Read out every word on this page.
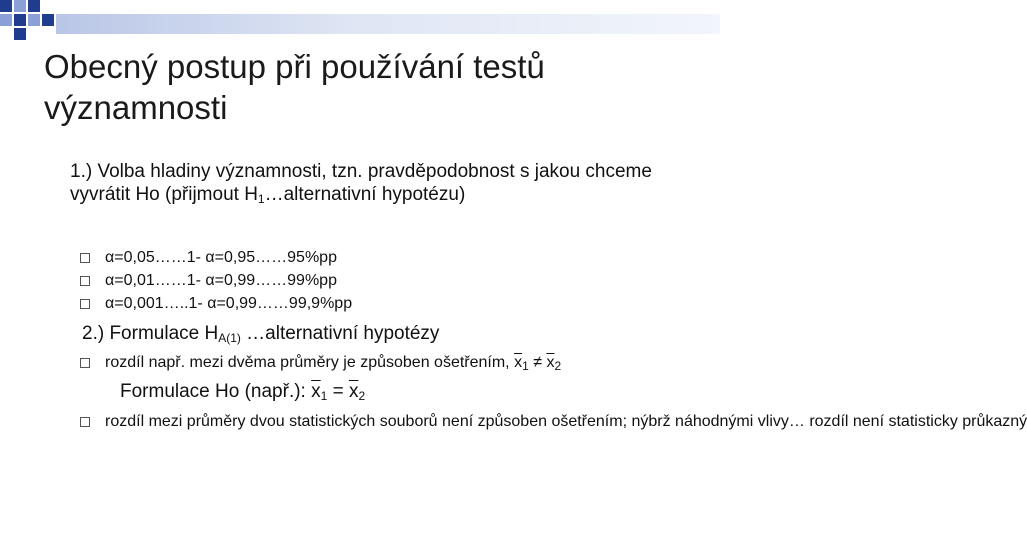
Obecný postup při používání testů významnosti
1.) Volba hladiny významnosti, tzn. pravděpodobnost s jakou chceme vyvrátit Ho (přijmout $H_1\dots alternativní$ hypotézu)
α=0,05……1- α=0,95……95%pp
α=0,01……1- α=0,99……99%pp
α=0,001…..1- α=0,99……99,9%pp
2.) Formulace $H_{A(1)}$ …alternativní hypotézy
rozdíl např. mezi dvěma průměry je způsoben ošetřením, $\overline{x}_1 \ne \overline{x}_2$
Formulace Ho (např.): $\overline{x}_1 = \overline{x}_2$
rozdíl mezi průměry dvou statistických souborů není způsoben ošetřením; nýbrž náhodnými vlivy… rozdíl není statisticky průkazný
